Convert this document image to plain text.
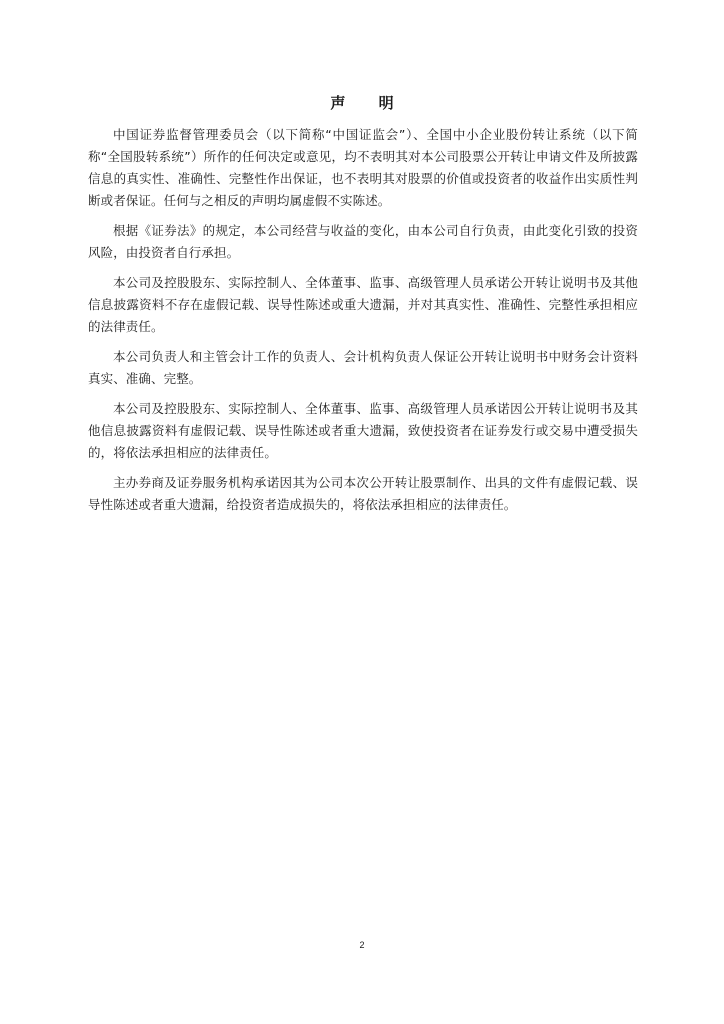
声 明

中国证券监督管理委员会（以下简称“中国证监会”）、全国中小企业股份转让系统（以下简称“全国股转系统”）所作的任何决定或意见，均不表明其对本公司股票公开转让申请文件及所披露信息的真实性、准确性、完整性作出保证，也不表明其对股票的价值或投资者的收益作出实质性判断或者保证。任何与之相反的声明均属虚假不实陈述。

根据《证券法》的规定，本公司经营与收益的变化，由本公司自行负责，由此变化引致的投资风险，由投资者自行承担。

本公司及控股股东、实际控制人、全体董事、监事、高级管理人员承诺公开转让说明书及其他信息披露资料不存在虚假记载、误导性陈述或重大遗漏，并对其真实性、准确性、完整性承担相应的法律责任。

本公司负责人和主管会计工作的负责人、会计机构负责人保证公开转让说明书中财务会计资料真实、准确、完整。

本公司及控股股东、实际控制人、全体董事、监事、高级管理人员承诺因公开转让说明书及其他信息披露资料有虚假记载、误导性陈述或者重大遗漏，致使投资者在证券发行或交易中遭受损失的，将依法承担相应的法律责任。

主办券商及证券服务机构承诺因其为公司本次公开转让股票制作、出具的文件有虚假记载、误导性陈述或者重大遗漏，给投资者造成损失的，将依法承担相应的法律责任。

2
